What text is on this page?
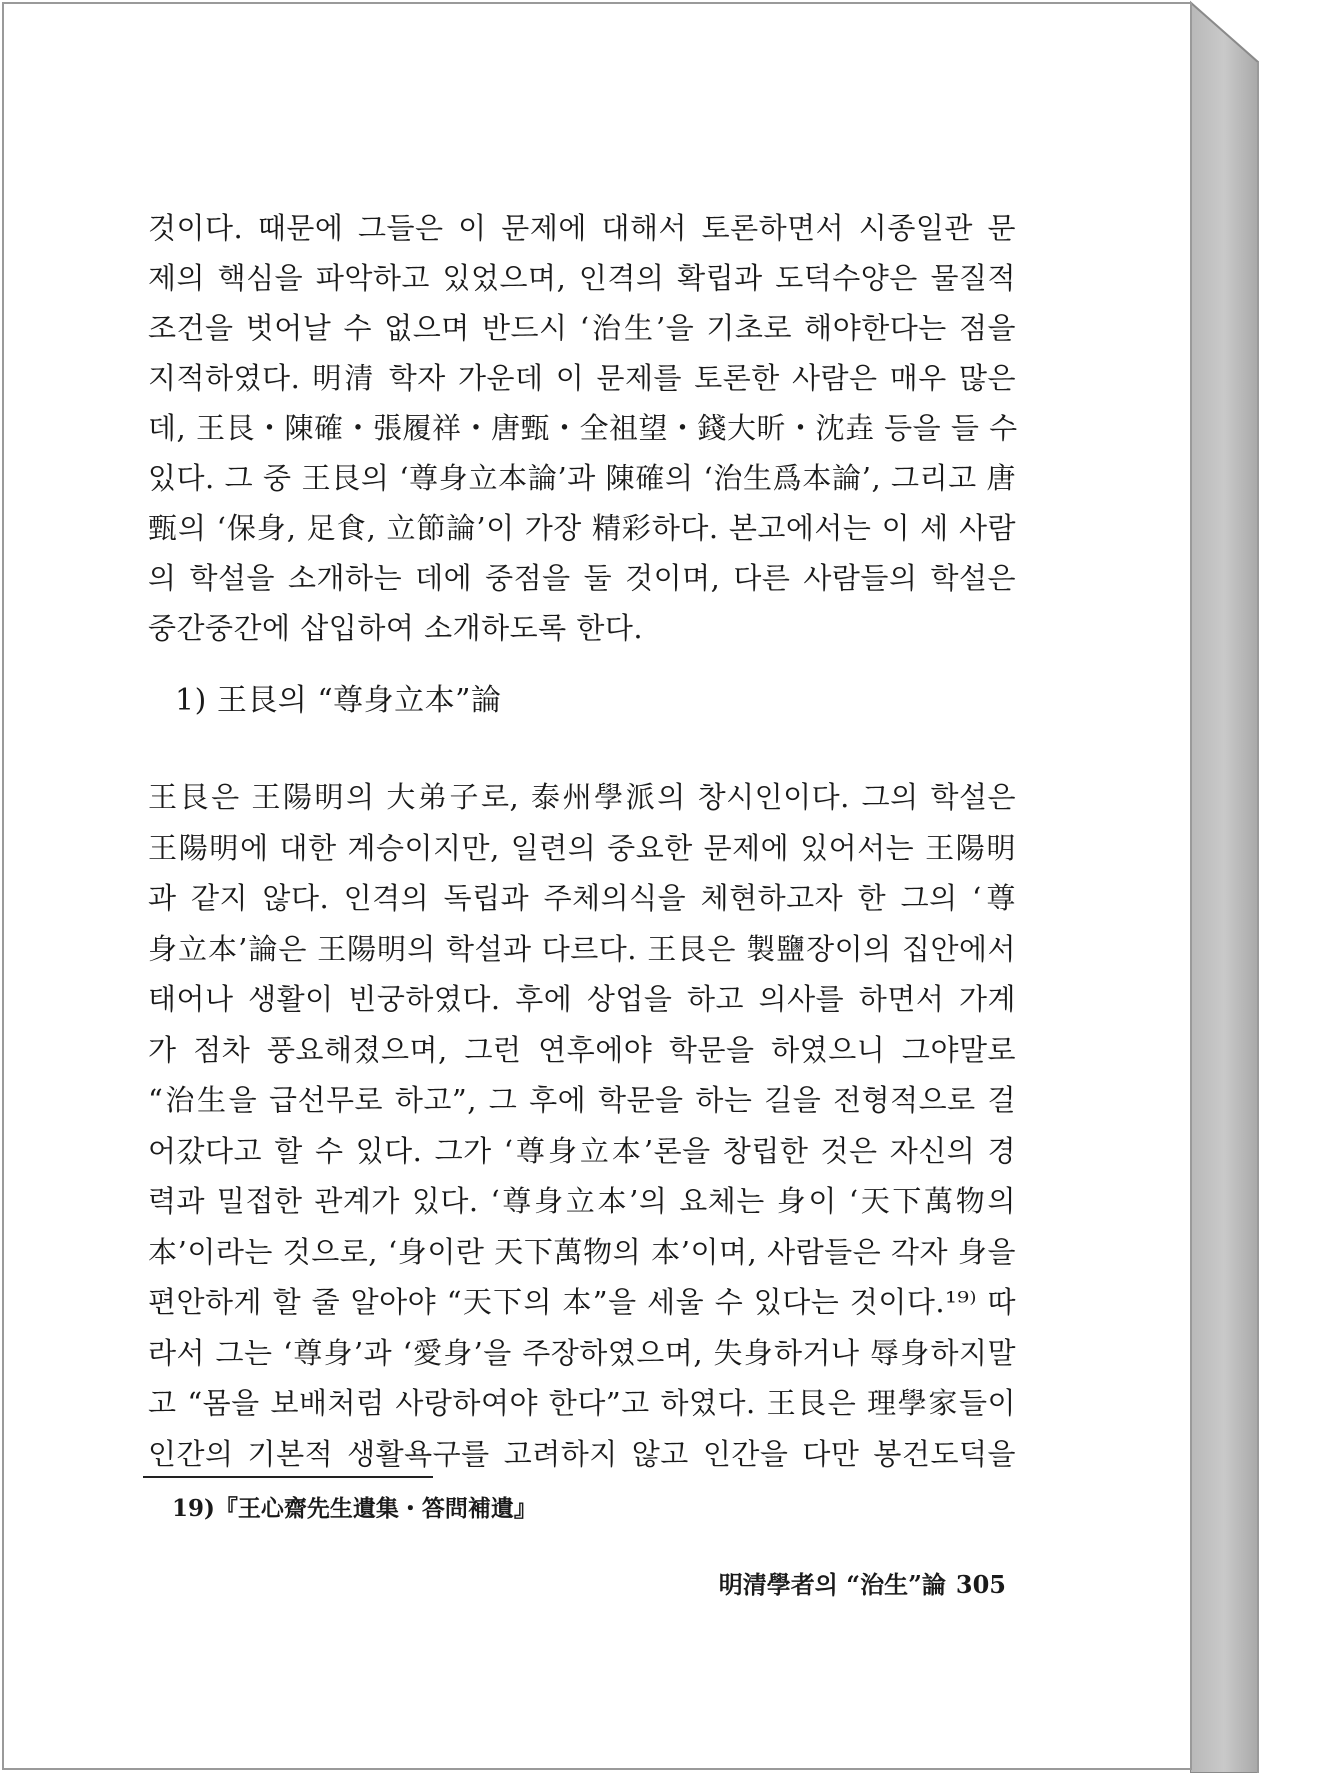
것이다. 때문에 그들은 이 문제에 대해서 토론하면서 시종일관 문
제의 핵심을 파악하고 있었으며, 인격의 확립과 도덕수양은 물질적
조건을 벗어날 수 없으며 반드시 ‘治生’을 기초로 해야한다는 점을
지적하였다. 明清 학자 가운데 이 문제를 토론한 사람은 매우 많은
데, 王艮・陳確・張履祥・唐甄・全祖望・錢大昕・沈垚 등을 들 수
있다. 그 중 王艮의 ‘尊身立本論’과 陳確의 ‘治生爲本論’, 그리고 唐
甄의 ‘保身, 足食, 立節論’이 가장 精彩하다. 본고에서는 이 세 사람
의 학설을 소개하는 데에 중점을 둘 것이며, 다른 사람들의 학설은
중간중간에 삽입하여 소개하도록 한다.
1) 王艮의 “尊身立本”論
王艮은 王陽明의 大弟子로, 泰州學派의 창시인이다. 그의 학설은
王陽明에 대한 계승이지만, 일련의 중요한 문제에 있어서는 王陽明
과 같지 않다. 인격의 독립과 주체의식을 체현하고자 한 그의 ‘尊
身立本’論은 王陽明의 학설과 다르다. 王艮은 製鹽장이의 집안에서
태어나 생활이 빈궁하였다. 후에 상업을 하고 의사를 하면서 가계
가 점차 풍요해졌으며, 그런 연후에야 학문을 하였으니 그야말로
“治生을 급선무로 하고”, 그 후에 학문을 하는 길을 전형적으로 걸
어갔다고 할 수 있다. 그가 ‘尊身立本’론을 창립한 것은 자신의 경
력과 밀접한 관계가 있다. ‘尊身立本’의 요체는 身이 ‘天下萬物의
本’이라는 것으로, ‘身이란 天下萬物의 本’이며, 사람들은 각자 身을
편안하게 할 줄 알아야 “天下의 本”을 세울 수 있다는 것이다.¹⁹⁾ 따
라서 그는 ‘尊身’과 ‘愛身’을 주장하였으며, 失身하거나 辱身하지말
고 “몸을 보배처럼 사랑하여야 한다”고 하였다. 王艮은 理學家들이
인간의 기본적 생활욕구를 고려하지 않고 인간을 다만 봉건도덕을
19)『王心齋先生遺集・答問補遺』
明清學者의 “治生”論 305
